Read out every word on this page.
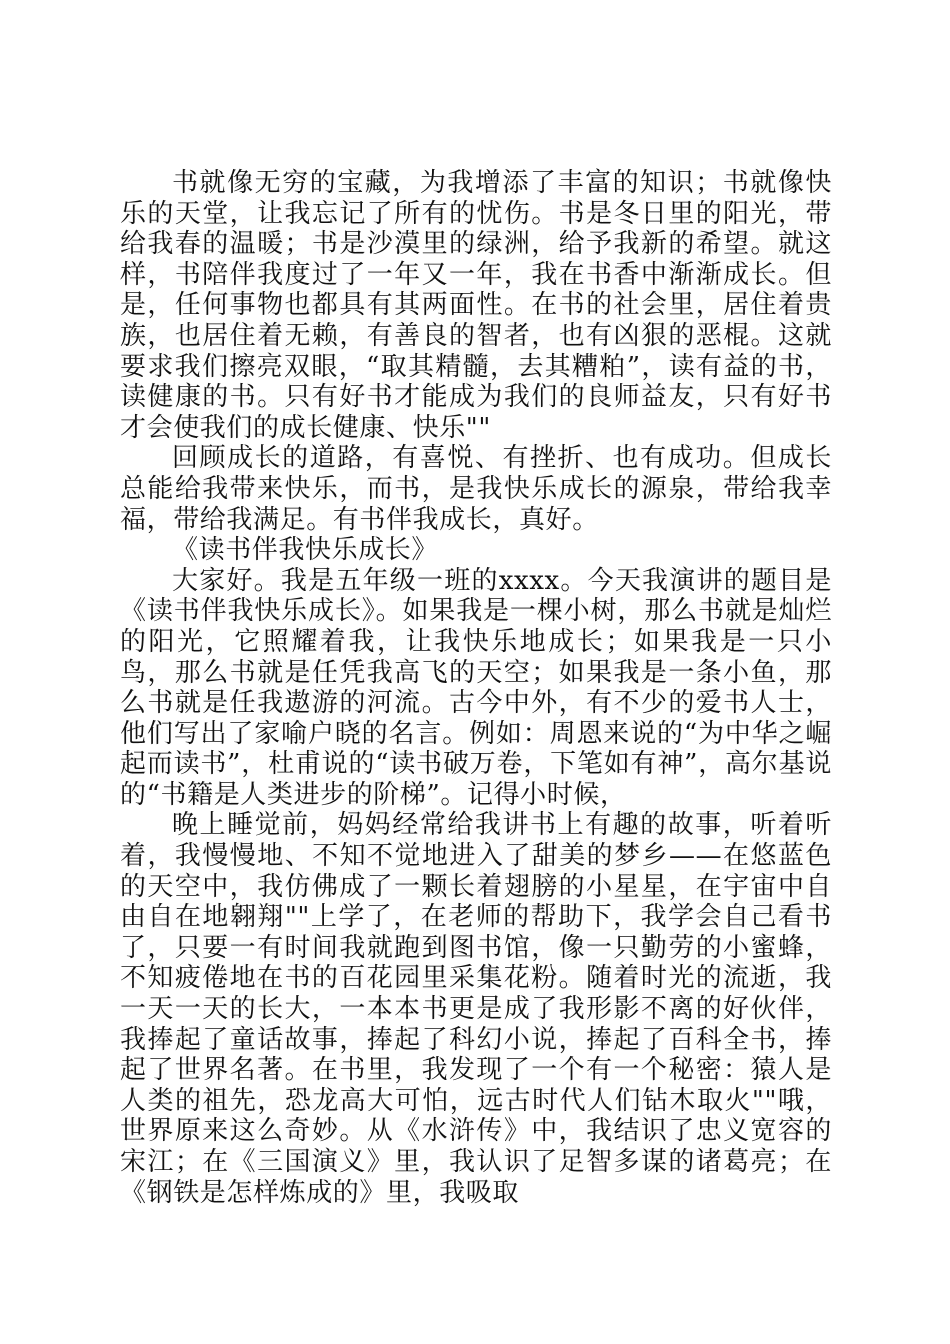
书就像无穷的宝藏，为我增添了丰富的知识；书就像快乐的天堂，让我忘记了所有的忧伤。书是冬日里的阳光，带给我春的温暖；书是沙漠里的绿洲，给予我新的希望。就这样，书陪伴我度过了一年又一年，我在书香中渐渐成长。但是，任何事物也都具有其两面性。在书的社会里，居住着贵族，也居住着无赖，有善良的智者，也有凶狠的恶棍。这就要求我们擦亮双眼，“取其精髓，去其糟粕”，读有益的书，读健康的书。只有好书才能成为我们的良师益友，只有好书才会使我们的成长健康、快乐""

回顾成长的道路，有喜悦、有挫折、也有成功。但成长总能给我带来快乐，而书，是我快乐成长的源泉，带给我幸福，带给我满足。有书伴我成长，真好。

《读书伴我快乐成长》

大家好。我是五年级一班的xxxx。今天我演讲的题目是《读书伴我快乐成长》。如果我是一棵小树，那么书就是灿烂的阳光，它照耀着我，让我快乐地成长；如果我是一只小鸟，那么书就是任凭我高飞的天空；如果我是一条小鱼，那么书就是任我遨游的河流。古今中外，有不少的爱书人士，他们写出了家喻户晓的名言。例如：周恩来说的“为中华之崛起而读书”，杜甫说的“读书破万卷，下笔如有神”，高尔基说的“书籍是人类进步的阶梯”。记得小时候，

晚上睡觉前，妈妈经常给我讲书上有趣的故事，听着听着，我慢慢地、不知不觉地进入了甜美的梦乡——在悠蓝色的天空中，我仿佛成了一颗长着翅膀的小星星，在宇宙中自由自在地翱翔""上学了，在老师的帮助下，我学会自己看书了，只要一有时间我就跑到图书馆，像一只勤劳的小蜜蜂，不知疲倦地在书的百花园里采集花粉。随着时光的流逝，我一天一天的长大，一本本书更是成了我形影不离的好伙伴，我捧起了童话故事，捧起了科幻小说，捧起了百科全书，捧起了世界名著。在书里，我发现了一个有一个秘密：猿人是人类的祖先，恐龙高大可怕，远古时代人们钻木取火""哦，世界原来这么奇妙。从《水浒传》中，我结识了忠义宽容的宋江；在《三国演义》里，我认识了足智多谋的诸葛亮；在《钢铁是怎样炼成的》里，我吸取
